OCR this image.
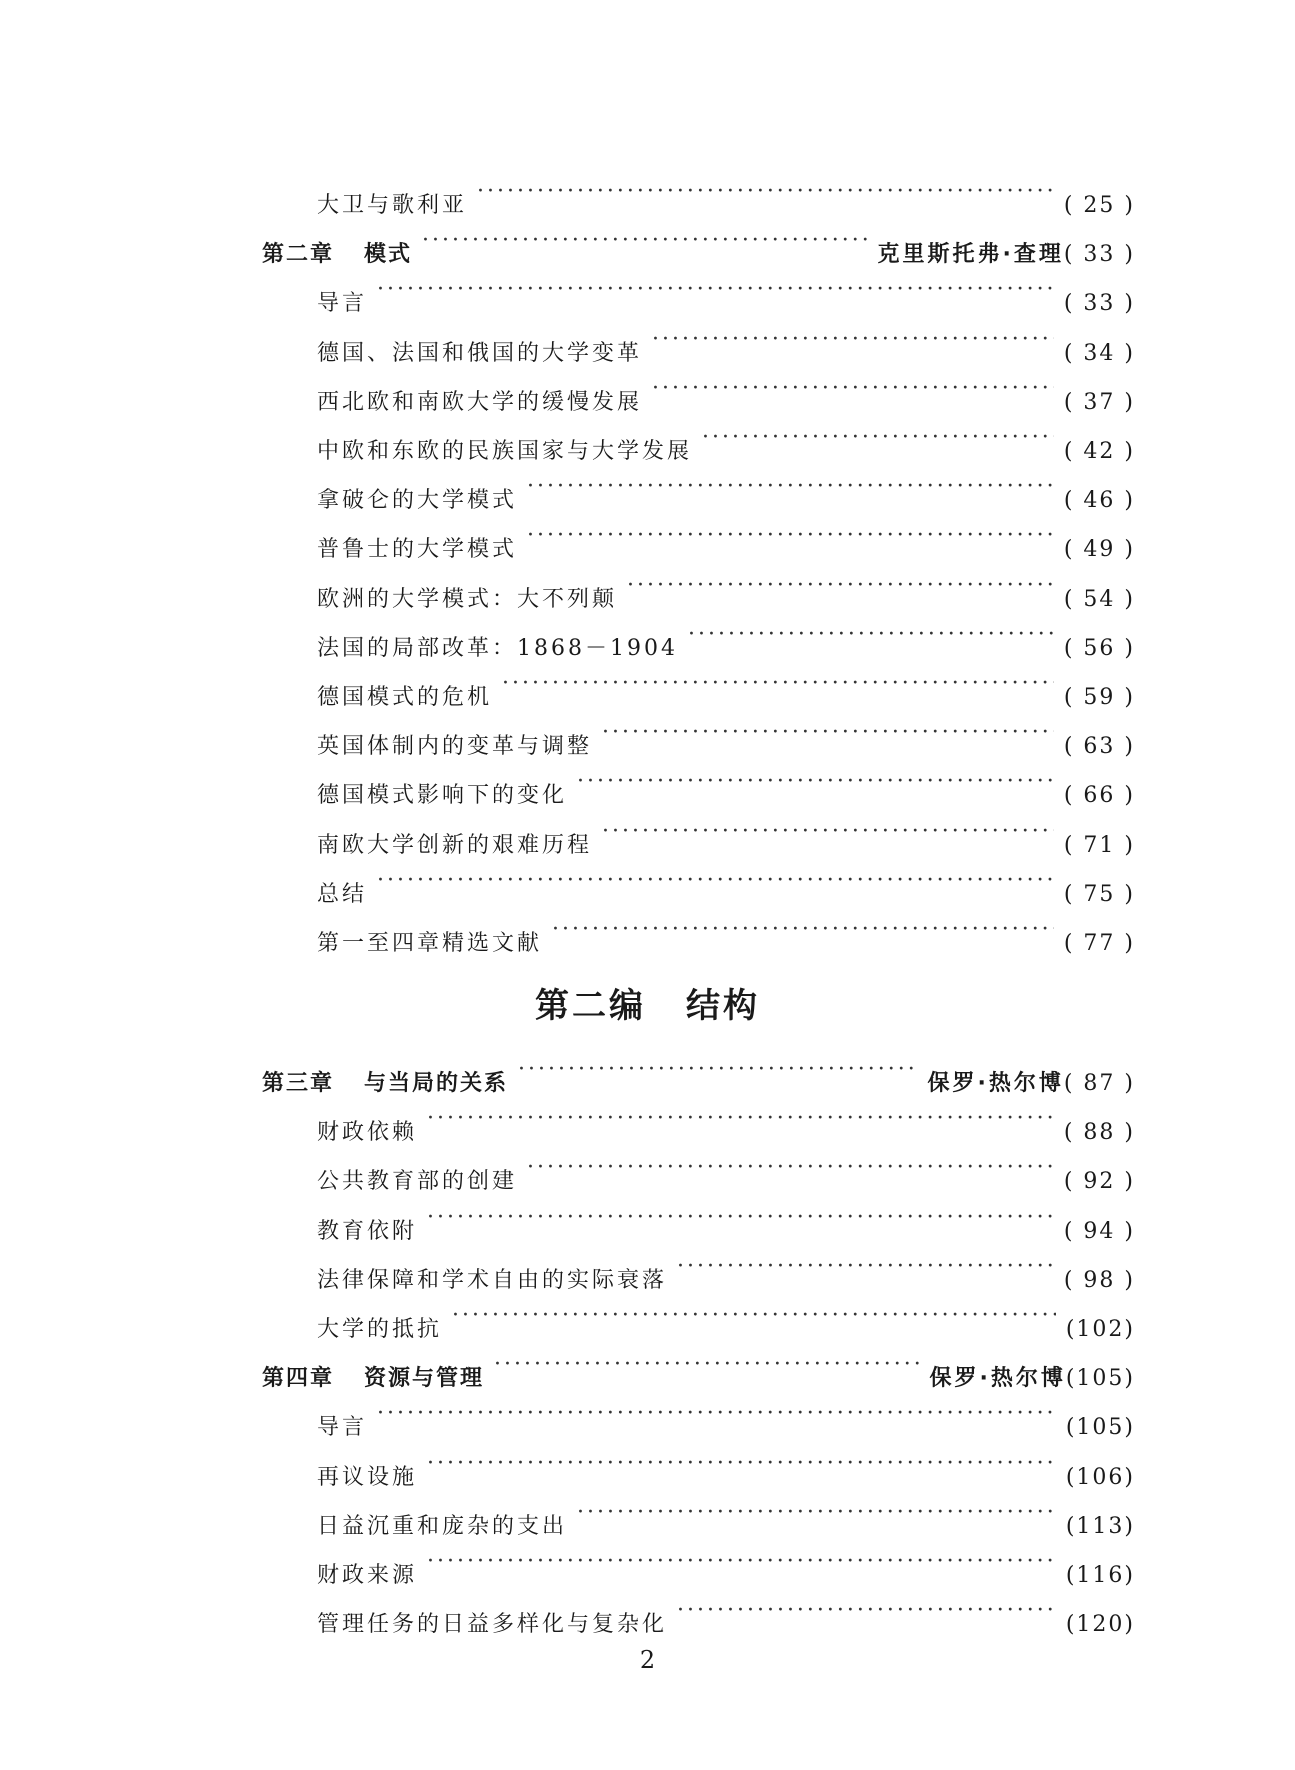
大卫与歌利亚 ·····	( 25 )
第二章 模式 ·····	克里斯托弗·查理 ( 33 )
导言 ·····	( 33 )
德国、法国和俄国的大学变革 ·····	( 34 )
西北欧和南欧大学的缓慢发展 ·····	( 37 )
中欧和东欧的民族国家与大学发展 ·····	( 42 )
拿破仑的大学模式 ·····	( 46 )
普鲁士的大学模式 ·····	( 49 )
欧洲的大学模式：大不列颠 ·····	( 54 )
法国的局部改革：1868－1904 ·····	( 56 )
德国模式的危机 ·····	( 59 )
英国体制内的变革与调整 ·····	( 63 )
德国模式影响下的变化 ·····	( 66 )
南欧大学创新的艰难历程 ·····	( 71 )
总结 ·····	( 75 )
第一至四章精选文献 ·····	( 77 )
第三章 与当局的关系 ·····	保罗·热尔博 ( 87 )
财政依赖 ·····	( 88 )
公共教育部的创建 ·····	( 92 )
教育依附 ·····	( 94 )
法律保障和学术自由的实际衰落 ·····	( 98 )
大学的抵抗 ·····	(102)
第四章 资源与管理 ·····	保罗·热尔博 (105)
导言 ·····	(105)
再议设施 ·····	(106)
日益沉重和庞杂的支出 ·····	(113)
财政来源 ·····	(116)
管理任务的日益多样化与复杂化 ·····	(120)
第二编 结构
2
